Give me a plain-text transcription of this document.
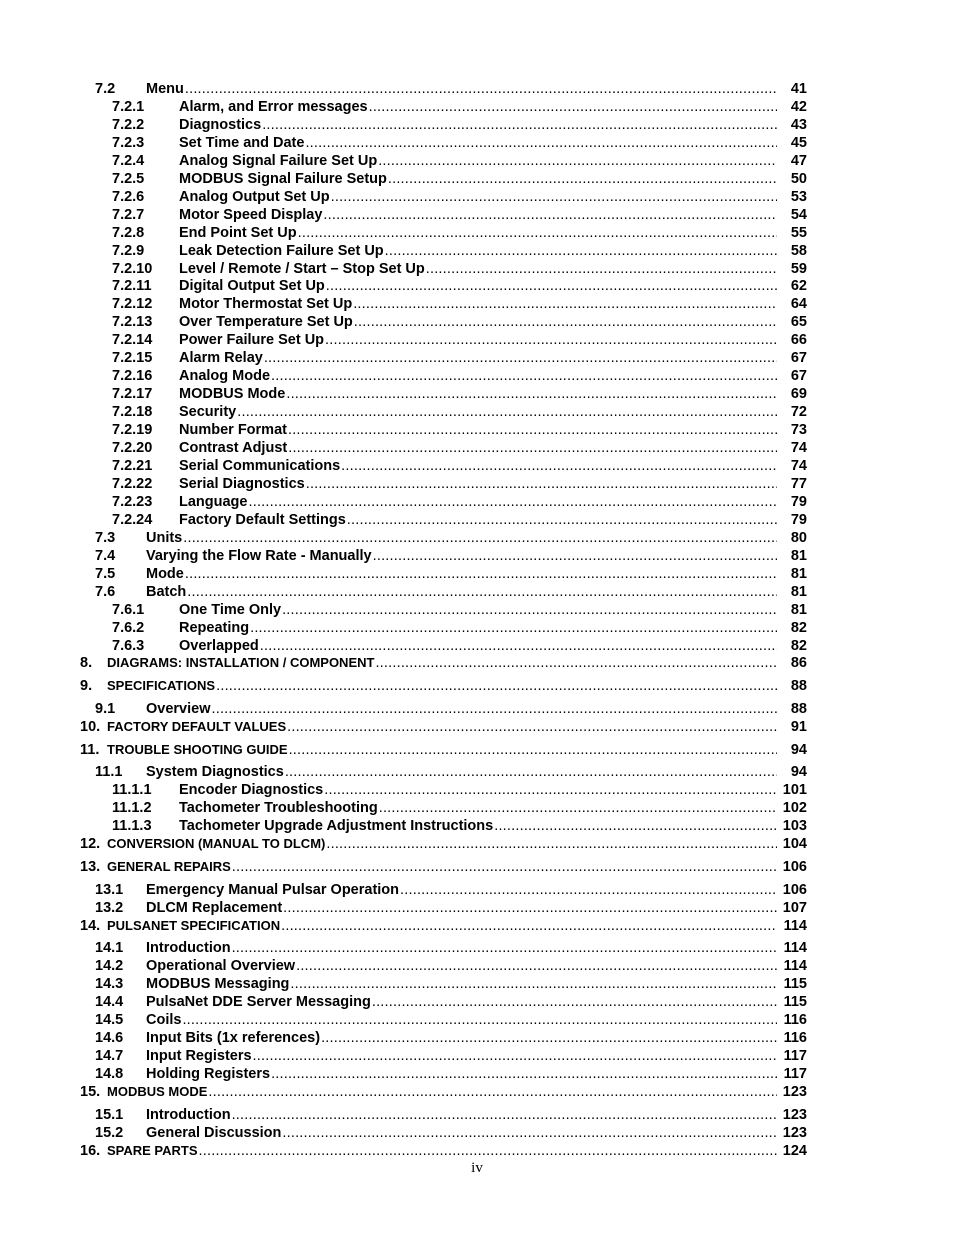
7.2 Menu .....	41
7.2.1 Alarm, and Error messages .....	42
7.2.2 Diagnostics .....	43
7.2.3 Set Time and Date .....	45
7.2.4 Analog Signal Failure Set Up .....	47
7.2.5 MODBUS Signal Failure Setup .....	50
7.2.6 Analog Output Set Up .....	53
7.2.7 Motor Speed Display .....	54
7.2.8 End Point Set Up .....	55
7.2.9 Leak Detection Failure Set Up .....	58
7.2.10 Level / Remote / Start – Stop Set Up .....	59
7.2.11 Digital Output Set Up .....	62
7.2.12 Motor Thermostat Set Up .....	64
7.2.13 Over Temperature Set Up .....	65
7.2.14 Power Failure Set Up .....	66
7.2.15 Alarm Relay .....	67
7.2.16 Analog Mode .....	67
7.2.17 MODBUS Mode .....	69
7.2.18 Security .....	72
7.2.19 Number Format .....	73
7.2.20 Contrast Adjust .....	74
7.2.21 Serial Communications .....	74
7.2.22 Serial Diagnostics .....	77
7.2.23 Language .....	79
7.2.24 Factory Default Settings .....	79
7.3 Units .....	80
7.4 Varying the Flow Rate - Manually .....	81
7.5 Mode .....	81
7.6 Batch .....	81
7.6.1 One Time Only .....	81
7.6.2 Repeating .....	82
7.6.3 Overlapped .....	82
8. DIAGRAMS: INSTALLATION / COMPONENT .....	86
9. SPECIFICATIONS .....	88
9.1 Overview .....	88
10. FACTORY DEFAULT VALUES .....	91
11. TROUBLE SHOOTING GUIDE .....	94
11.1 System Diagnostics .....	94
11.1.1 Encoder Diagnostics .....	101
11.1.2 Tachometer Troubleshooting .....	102
11.1.3 Tachometer Upgrade Adjustment Instructions .....	103
12. CONVERSION (MANUAL TO DLCM) .....	104
13. GENERAL REPAIRS .....	106
13.1 Emergency Manual Pulsar Operation .....	106
13.2 DLCM Replacement .....	107
14. PULSANET SPECIFICATION .....	114
14.1 Introduction .....	114
14.2 Operational Overview .....	114
14.3 MODBUS Messaging .....	115
14.4 PulsaNet DDE Server Messaging .....	115
14.5 Coils .....	116
14.6 Input Bits (1x references) .....	116
14.7 Input Registers .....	117
14.8 Holding Registers .....	117
15. MODBUS MODE .....	123
15.1 Introduction .....	123
15.2 General Discussion .....	123
16. SPARE PARTS .....	124
iv
